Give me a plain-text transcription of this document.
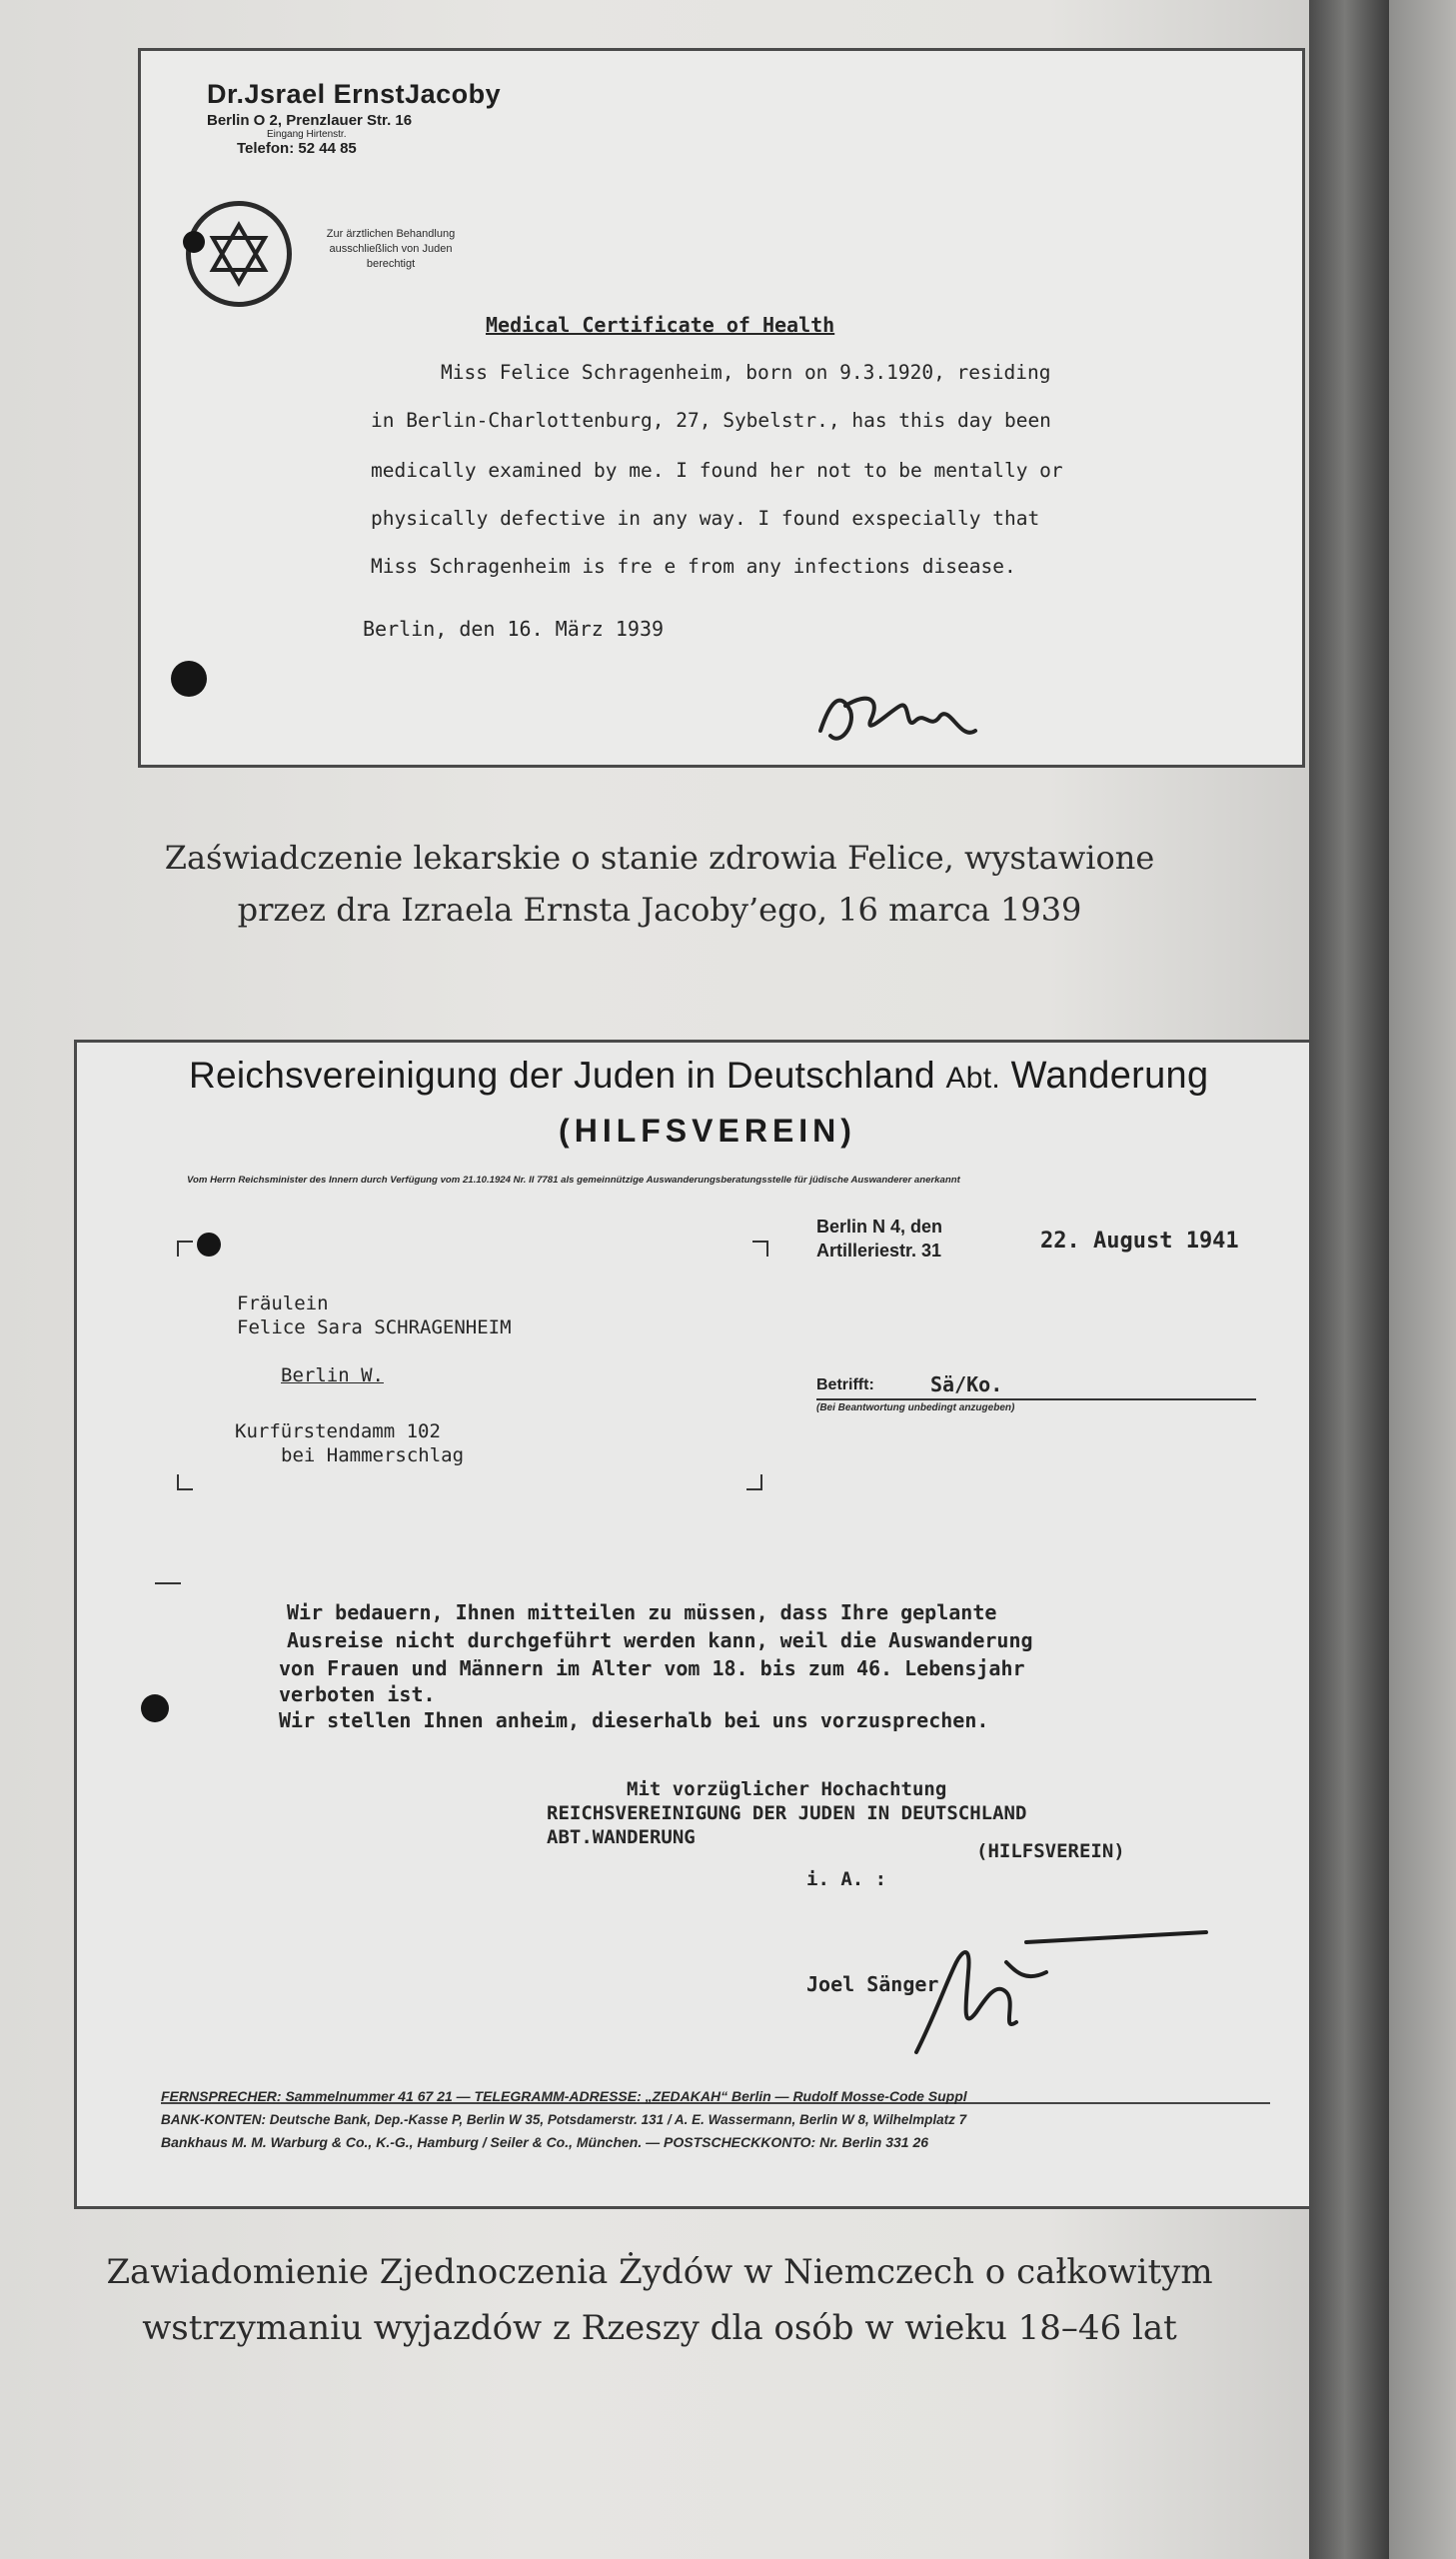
Dr.Jsrael ErnstJacoby
Berlin O 2, Prenzlauer Str. 16
Eingang Hirtenstr.
Telefon: 52 44 85
Zur ärztlichen Behandlung
ausschließlich von Juden
berechtigt
Medical Certificate of Health
Miss Felice Schragenheim, born on 9.3.1920, residing
in Berlin-Charlottenburg, 27, Sybelstr., has this day been
medically examined by me. I found her not to be mentally or
physically defective in any way. I found exspecially that
Miss Schragenheim is fre e from any infections disease.
Berlin, den 16. März 1939
Zaświadczenie lekarskie o stanie zdrowia Felice, wystawione
przez dra Izraela Ernsta Jacoby’ego, 16 marca 1939
Reichsvereinigung der Juden in Deutschland Abt. Wanderung
(HILFSVEREIN)
Vom Herrn Reichsminister des Innern durch Verfügung vom 21.10.1924 Nr. II 7781 als gemeinnützige Auswanderungsberatungsstelle für jüdische Auswanderer anerkannt
Berlin N 4, den
Artilleriestr. 31	22. August 1941
Fräulein
Felice Sara SCHRAGENHEIM
Berlin W.
Kurfürstendamm 102
bei Hammerschlag
Betrifft:	Sä/Ko.
(Bei Beantwortung unbedingt anzugeben)
Wir bedauern, Ihnen mitteilen zu müssen, dass Ihre geplante
Ausreise nicht durchgeführt werden kann, weil die Auswanderung
von Frauen und Männern im Alter vom 18. bis zum 46. Lebensjahr
verboten ist.
Wir stellen Ihnen anheim, dieserhalb bei uns vorzusprechen.
Mit vorzüglicher Hochachtung
REICHSVEREINIGUNG DER JUDEN IN DEUTSCHLAND
ABT.WANDERUNG
(HILFSVEREIN)
i. A. :
Joel Sänger
FERNSPRECHER: Sammelnummer 41 67 21 — TELEGRAMM-ADRESSE: „ZEDAKAH“ Berlin — Rudolf Mosse-Code Suppl
BANK-KONTEN: Deutsche Bank, Dep.-Kasse P, Berlin W 35, Potsdamerstr. 131 / A. E. Wassermann, Berlin W 8, Wilhelmplatz 7
Bankhaus M. M. Warburg & Co., K.-G., Hamburg / Seiler & Co., München. — POSTSCHECKKONTO: Nr. Berlin 331 26
Zawiadomienie Zjednoczenia Żydów w Niemczech o całkowitym
wstrzymaniu wyjazdów z Rzeszy dla osób w wieku 18–46 lat
